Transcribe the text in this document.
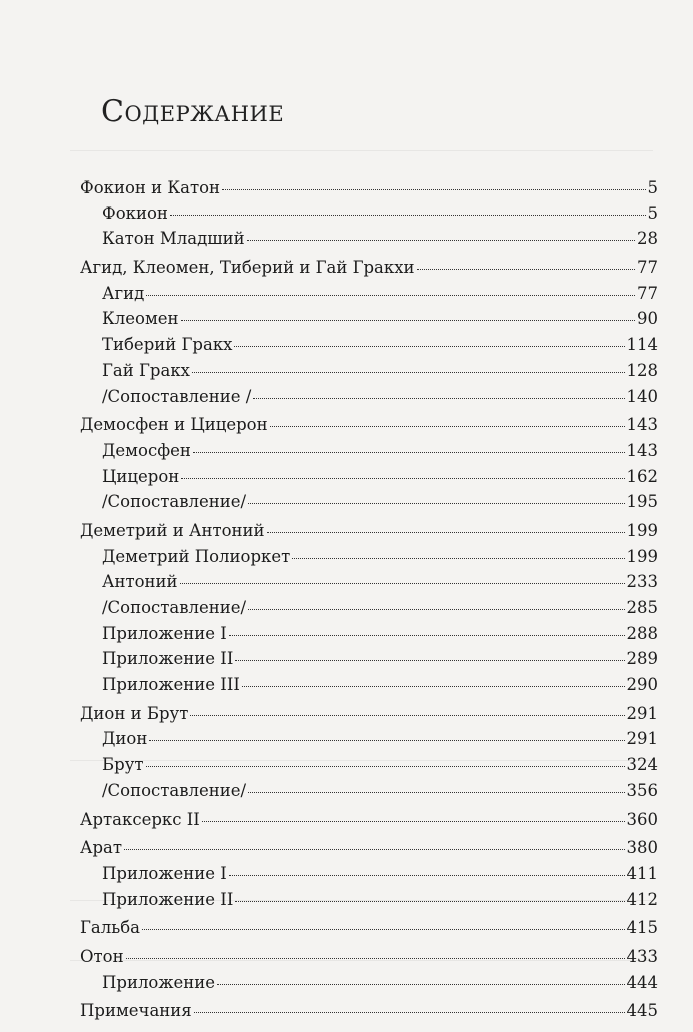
Содержание
Фокион и Катон	5
Фокион	5
Катон Младший	28
Агид, Клеомен, Тиберий и Гай Гракхи	77
Агид	77
Клеомен	90
Тиберий Гракх	114
Гай Гракх	128
/Сопоставление /	140
Демосфен и Цицерон	143
Демосфен	143
Цицерон	162
/Сопоставление/	195
Деметрий и Антоний	199
Деметрий Полиоркет	199
Антоний	233
/Сопоставление/	285
Приложение I	288
Приложение II	289
Приложение III	290
Дион и Брут	291
Дион	291
Брут	324
/Сопоставление/	356
Артаксеркс II	360
Арат	380
Приложение I	411
Приложение II	412
Гальба	415
Отон	433
Приложение	444
Примечания	445
